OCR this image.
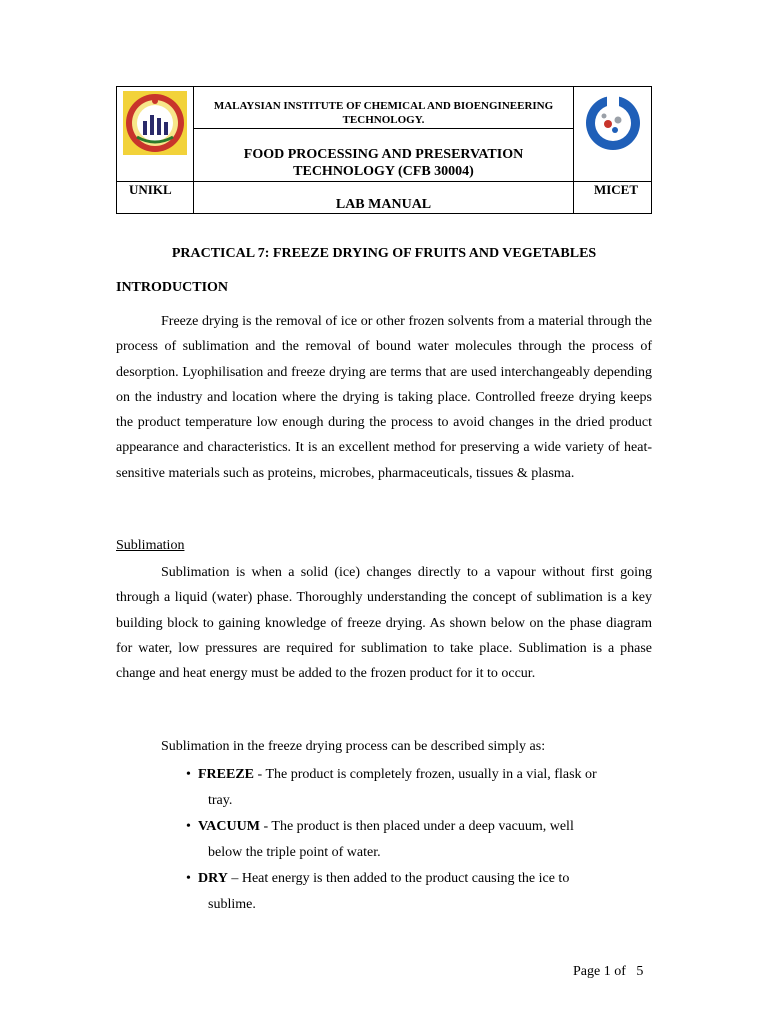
MALAYSIAN INSTITUTE OF CHEMICAL AND BIOENGINEERING TECHNOLOGY.
FOOD PROCESSING AND PRESERVATION TECHNOLOGY (CFB 30004)

UNIKL	LAB MANUAL	MICET
PRACTICAL 7: FREEZE DRYING OF FRUITS AND VEGETABLES
INTRODUCTION

Freeze drying is the removal of ice or other frozen solvents from a material through the process of sublimation and the removal of bound water molecules through the process of desorption. Lyophilisation and freeze drying are terms that are used interchangeably depending on the industry and location where the drying is taking place. Controlled freeze drying keeps the product temperature low enough during the process to avoid changes in the dried product appearance and characteristics. It is an excellent method for preserving a wide variety of heat-sensitive materials such as proteins, microbes, pharmaceuticals, tissues & plasma.

Sublimation

Sublimation is when a solid (ice) changes directly to a vapour without first going through a liquid (water) phase. Thoroughly understanding the concept of sublimation is a key building block to gaining knowledge of freeze drying. As shown below on the phase diagram for water, low pressures are required for sublimation to take place. Sublimation is a phase change and heat energy must be added to the frozen product for it to occur.

Sublimation in the freeze drying process can be described simply as:
• FREEZE - The product is completely frozen, usually in a vial, flask or
tray.
• VACUUM - The product is then placed under a deep vacuum, well
below the triple point of water.
• DRY – Heat energy is then added to the product causing the ice to
sublime.
Page 1 of   5
